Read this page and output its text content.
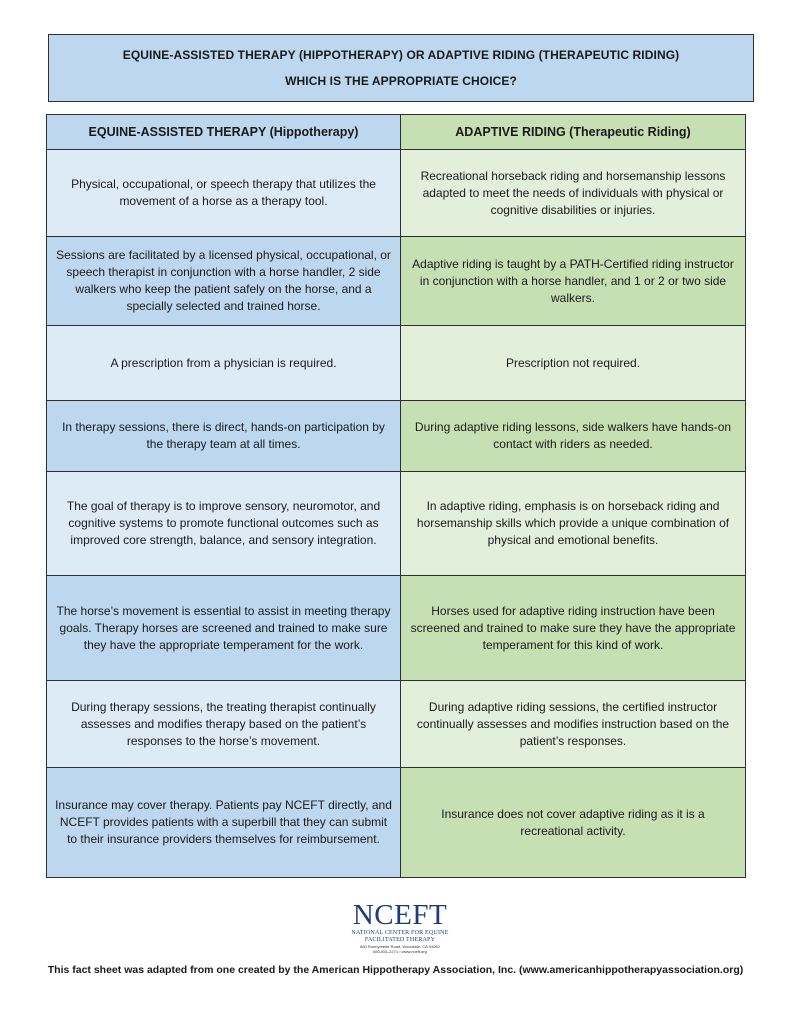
EQUINE-ASSISTED THERAPY (HIPPOTHERAPY) OR ADAPTIVE RIDING (THERAPEUTIC RIDING)
WHICH IS THE APPROPRIATE CHOICE?
EQUINE-ASSISTED THERAPY (Hippotherapy)	ADAPTIVE RIDING (Therapeutic Riding)
Physical, occupational, or speech therapy that utilizes the movement of a horse as a therapy tool.	Recreational horseback riding and horsemanship lessons adapted to meet the needs of individuals with physical or cognitive disabilities or injuries.
Sessions are facilitated by a licensed physical, occupational, or speech therapist in conjunction with a horse handler, 2 side walkers who keep the patient safely on the horse, and a specially selected and trained horse.	Adaptive riding is taught by a PATH-Certified riding instructor in conjunction with a horse handler, and 1 or 2 or two side walkers.
A prescription from a physician is required.	Prescription not required.
In therapy sessions, there is direct, hands-on participation by the therapy team at all times.	During adaptive riding lessons, side walkers have hands-on contact with riders as needed.
The goal of therapy is to improve sensory, neuromotor, and cognitive systems to promote functional outcomes such as improved core strength, balance, and sensory integration.	In adaptive riding, emphasis is on horseback riding and horsemanship skills which provide a unique combination of physical and emotional benefits.
The horse’s movement is essential to assist in meeting therapy goals. Therapy horses are screened and trained to make sure they have the appropriate temperament for the work.	Horses used for adaptive riding instruction have been screened and trained to make sure they have the appropriate temperament for this kind of work.
During therapy sessions, the treating therapist continually assesses and modifies therapy based on the patient’s responses to the horse’s movement.	During adaptive riding sessions, the certified instructor continually assesses and modifies instruction based on the patient’s responses.
Insurance may cover therapy. Patients pay NCEFT directly, and NCEFT provides patients with a superbill that they can submit to their insurance providers themselves for reimbursement.	Insurance does not cover adaptive riding as it is a recreational activity.
NCEFT
NATIONAL CENTER FOR EQUINE
FACILITATED THERAPY
880 Runnymede Road, Woodside, CA 94062
650-851-2271 • www.nceft.org
This fact sheet was adapted from one created by the American Hippotherapy Association, Inc. (www.americanhippotherapyassociation.org)
